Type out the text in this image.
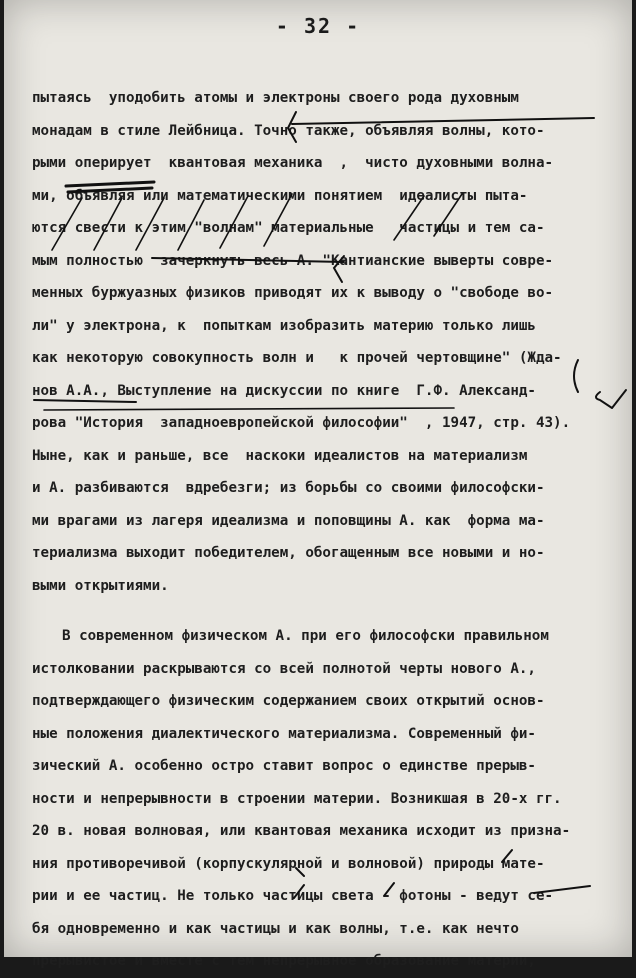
- 32 -
пытаясь  уподобить атомы и электроны своего рода духовным
монадам в стиле Лейбница. Точно также, объявляя волны, кото-
рыми оперирует  квантовая механика  ,  чисто духовными волна-
ми, объявляя или математическими понятием  идеалисты пыта-
ются свести к этим "волнам" материальные   частицы и тем са-
мым полностью  зачеркнуть весь А. "Кантианские выверты совре-
менных буржуазных физиков приводят их к выводу о "свободе во-
ли" у электрона, к  попыткам изобразить материю только лишь
как некоторую совокупность волн и   к прочей чертовщине" (Жда-
нов А.А., Выступление на дискуссии по книге  Г.Ф. Александ-
рова "История  западноевропейской философии"  , 1947, стр. 43).
Ныне, как и раньше, все  наскоки идеалистов на материализм
и А. разбиваются  вдребезги; из борьбы со своими философски-
ми врагами из лагеря идеализма и поповщины А. как  форма ма-
териализма выходит победителем, обогащенным все новыми и но-
выми открытиями.
В современном физическом А. при его философски правильном
истолковании раскрываются со всей полнотой черты нового А.,
подтверждающего физическим содержанием своих открытий основ-
ные положения диалектического материализма. Современный фи-
зический А. особенно остро ставит вопрос о единстве прерыв-
ности и непрерывности в строении материи. Возникшая в 20-х гг.
20 в. новая волновая, или квантовая механика исходит из призна-
ния противоречивой (корпускулярной и волновой) природы мате-
рии и ее частиц. Не только частицы света - фотоны - ведут се-
бя одновременно и как частицы и как волны, т.е. как нечто
прерывистое и вместе с тем непрерывное образование материи,
